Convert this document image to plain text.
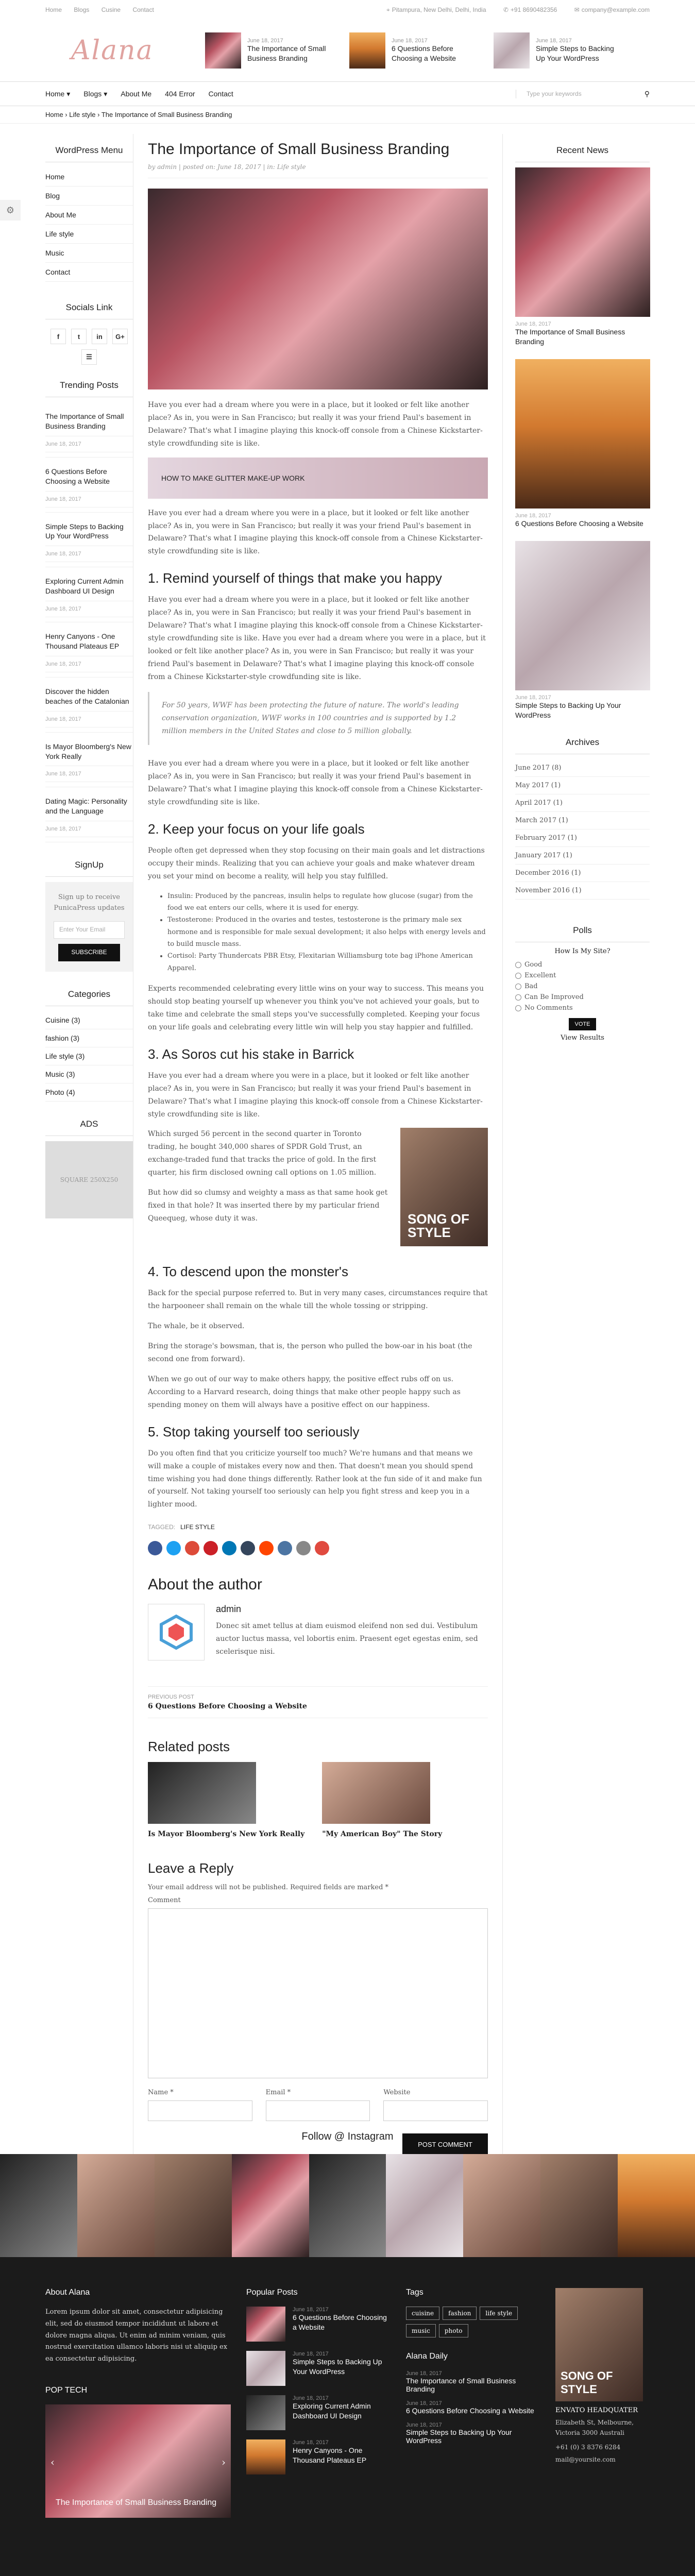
Home Blogs Cusine Contact	⌖ Pitampura, New Delhi, Delhi, India	✆ +91 8690482356	✉ company@example.com
Alana	June 18, 2017
The Importance of Small Business Branding
June 18, 2017
6 Questions Before Choosing a Website
June 18, 2017
Simple Steps to Backing Up Your WordPress
Home ▾ Blogs ▾ About Me 404 Error Contact	Type your keywords	⚲
Home › Life style › The Importance of Small Business Branding
⚙
WordPress Menu
Home
Blog
About Me
Life style
Music
Contact
Socials Link
f	t	in	G+
☰
Trending Posts
The Importance of Small Business Branding
June 18, 2017
6 Questions Before Choosing a Website
June 18, 2017
Simple Steps to Backing Up Your WordPress
June 18, 2017
Exploring Current Admin Dashboard UI Design
June 18, 2017
Henry Canyons - One Thousand Plateaus EP
June 18, 2017
Discover the hidden beaches of the Catalonian
June 18, 2017
Is Mayor Bloomberg's New York Really
June 18, 2017
Dating Magic: Personality and the Language
June 18, 2017
SignUp
Sign up to receive PunicaPress updates
Enter Your Email
SUBSCRIBE
Categories
Cuisine (3)
fashion (3)
Life style (3)
Music (3)
Photo (4)
ADS
SQUARE 250X250
The Importance of Small Business Branding
by admin | posted on: June 18, 2017 | in: Life style
Have you ever had a dream where you were in a place, but it looked or felt like another place? As in, you were in San Francisco; but really it was your friend Paul's basement in Delaware? That's what I imagine playing this knock-off console from a Chinese Kickstarter-style crowdfunding site is like.
HOW TO MAKE GLITTER MAKE-UP WORK
Have you ever had a dream where you were in a place, but it looked or felt like another place? As in, you were in San Francisco; but really it was your friend Paul's basement in Delaware? That's what I imagine playing this knock-off console from a Chinese Kickstarter-style crowdfunding site is like.
1. Remind yourself of things that make you happy
Have you ever had a dream where you were in a place, but it looked or felt like another place? As in, you were in San Francisco; but really it was your friend Paul's basement in Delaware? That's what I imagine playing this knock-off console from a Chinese Kickstarter-style crowdfunding site is like. Have you ever had a dream where you were in a place, but it looked or felt like another place? As in, you were in San Francisco; but really it was your friend Paul's basement in Delaware? That's what I imagine playing this knock-off console from a Chinese Kickstarter-style crowdfunding site is like.
For 50 years, WWF has been protecting the future of nature. The world's leading conservation organization, WWF works in 100 countries and is supported by 1.2 million members in the United States and close to 5 million globally.
Have you ever had a dream where you were in a place, but it looked or felt like another place? As in, you were in San Francisco; but really it was your friend Paul's basement in Delaware? That's what I imagine playing this knock-off console from a Chinese Kickstarter-style crowdfunding site is like.
2. Keep your focus on your life goals
People often get depressed when they stop focusing on their main goals and let distractions occupy their minds. Realizing that you can achieve your goals and make whatever dream you set your mind on become a reality, will help you stay fulfilled.
• Insulin: Produced by the pancreas, insulin helps to regulate how glucose (sugar) from the food we eat enters our cells, where it is used for energy.
• Testosterone: Produced in the ovaries and testes, testosterone is the primary male sex hormone and is responsible for male sexual development; it also helps with energy levels and to build muscle mass.
• Cortisol: Party Thundercats PBR Etsy, Flexitarian Williamsburg tote bag iPhone American Apparel.
Experts recommended celebrating every little wins on your way to success. This means you should stop beating yourself up whenever you think you've not achieved your goals, but to take time and celebrate the small steps you've successfully completed. Keeping your focus on your life goals and celebrating every little win will help you stay happier and fulfilled.
3. As Soros cut his stake in Barrick
Have you ever had a dream where you were in a place, but it looked or felt like another place? As in, you were in San Francisco; but really it was your friend Paul's basement in Delaware? That's what I imagine playing this knock-off console from a Chinese Kickstarter-style crowdfunding site is like.
SONG OF STYLE
Which surged 56 percent in the second quarter in Toronto trading, he bought 340,000 shares of SPDR Gold Trust, an exchange-traded fund that tracks the price of gold. In the first quarter, his firm disclosed owning call options on 1.05 million.
But how did so clumsy and weighty a mass as that same hook get fixed in that hole? It was inserted there by my particular friend Queequeg, whose duty it was.
4. To descend upon the monster's
Back for the special purpose referred to. But in very many cases, circumstances require that the harpooneer shall remain on the whale till the whole tossing or stripping.
The whale, be it observed.
Bring the storage's bowsman, that is, the person who pulled the bow-oar in his boat (the second one from forward).
When we go out of our way to make others happy, the positive effect rubs off on us. According to a Harvard research, doing things that make other people happy such as spending money on them will always have a positive effect on our happiness.
5. Stop taking yourself too seriously
Do you often find that you criticize yourself too much? We're humans and that means we will make a couple of mistakes every now and then. That doesn't mean you should spend time wishing you had done things differently. Rather look at the fun side of it and make fun of yourself. Not taking yourself too seriously can help you fight stress and keep you in a lighter mood.
TAGGED: LIFE STYLE
About the author
admin
Donec sit amet tellus at diam euismod eleifend non sed dui. Vestibulum auctor luctus massa, vel lobortis enim. Praesent eget egestas enim, sed scelerisque nisi.
PREVIOUS POST
6 Questions Before Choosing a Website
Related posts
Is Mayor Bloomberg's New York Really "My American Boy" The Story
Leave a Reply
Your email address will not be published. Required fields are marked *
Comment
Name *	Email *	Website
POST COMMENT
Recent News
June 18, 2017
The Importance of Small Business Branding
June 18, 2017
6 Questions Before Choosing a Website
June 18, 2017
Simple Steps to Backing Up Your WordPress
Archives
June 2017 (8)
May 2017 (1)
April 2017 (1)
March 2017 (1)
February 2017 (1)
January 2017 (1)
December 2016 (1)
November 2016 (1)
Polls
How Is My Site?
Good
Excellent
Bad
Can Be Improved
No Comments
VOTE
View Results
Follow @ Instagram
About Alana
Lorem ipsum dolor sit amet, consectetur adipisicing elit, sed do eiusmod tempor incididunt ut labore et dolore magna aliqua. Ut enim ad minim veniam, quis nostrud exercitation ullamco laboris nisi ut aliquip ex ea consectetur adipisicing.
POP TECH
‹	›
The Importance of Small Business Branding
Popular Posts
June 18, 2017
6 Questions Before Choosing a Website
June 18, 2017
Simple Steps to Backing Up Your WordPress
June 18, 2017
Exploring Current Admin Dashboard UI Design
June 18, 2017
Henry Canyons - One Thousand Plateaus EP
Tags
cuisine fashion life stylemusic photo
Alana Daily
June 18, 2017
The Importance of Small Business Branding
June 18, 2017
6 Questions Before Choosing a Website
June 18, 2017
Simple Steps to Backing Up Your WordPress
SONG OF STYLE
ENVATO HEADQUATER
Elizabeth St, Melbourne, Victoria 3000 Australi
+61 (0) 3 8376 6284
mail@yoursite.com
